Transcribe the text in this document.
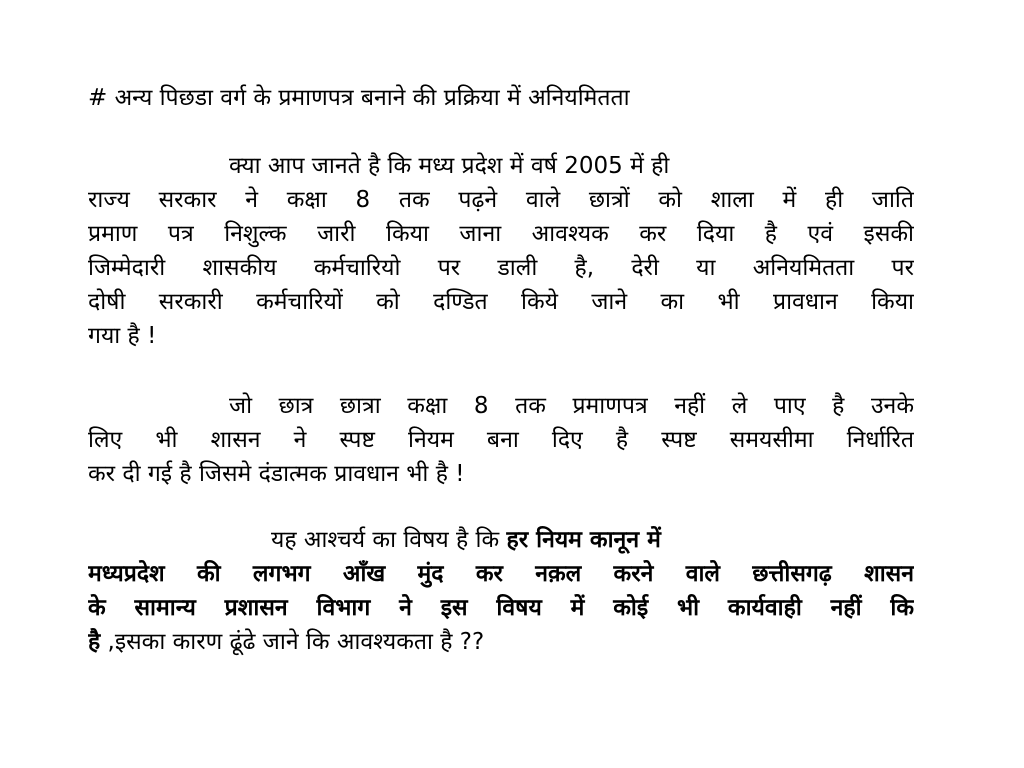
# अन्य पिछडा वर्ग के प्रमाणपत्र बनाने की प्रक्रिया में अनियमितता
क्या आप जानते है कि मध्य प्रदेश में वर्ष 2005 में ही
राज्य सरकार ने कक्षा 8 तक पढ़ने वाले छात्रों को शाला में ही जाति
प्रमाण पत्र निशुल्क जारी किया जाना आवश्यक कर दिया है एवं इसकी
जिम्मेदारी शासकीय कर्मचारियो पर डाली है, देरी या अनियमितता पर
दोषी सरकारी कर्मचारियों को दण्डित किये जाने का भी प्रावधान किया
गया है !
जो छात्र छात्रा कक्षा 8 तक प्रमाणपत्र नहीं ले पाए है उनके
लिए भी शासन ने स्पष्ट नियम बना दिए है स्पष्ट समयसीमा निर्धारित
कर दी गई है जिसमे दंडात्मक प्रावधान भी है !
यह आश्चर्य का विषय है कि हर नियम कानून में
मध्यप्रदेश की लगभग आँख मुंद कर नक़ल करने वाले छत्तीसगढ़ शासन
के सामान्य प्रशासन विभाग ने इस विषय में कोई भी कार्यवाही नहीं कि
है ,इसका कारण ढूंढे जाने कि आवश्यकता है ??
